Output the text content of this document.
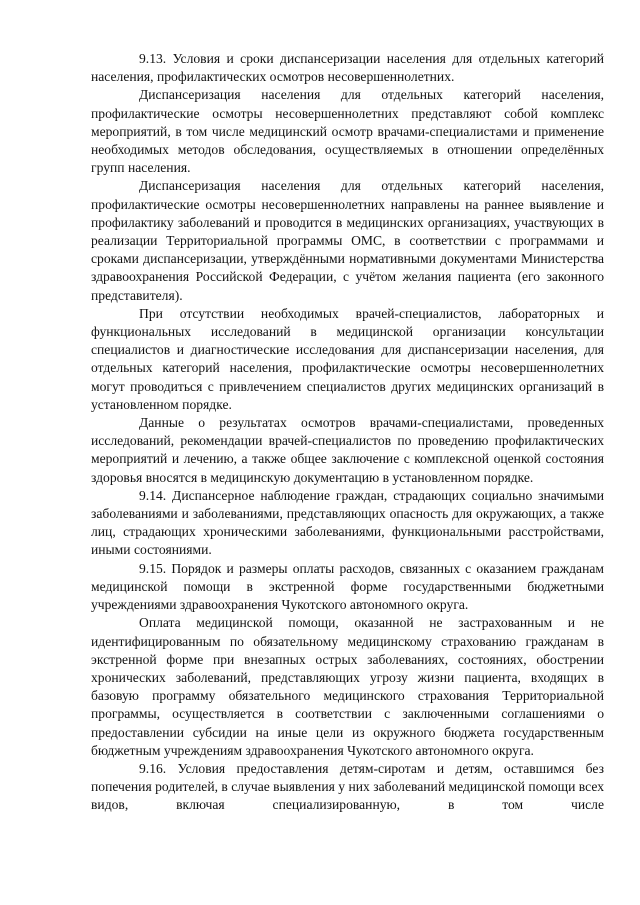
9.13. Условия и сроки диспансеризации населения для отдельных категорий населения, профилактических осмотров несовершеннолетних.

Диспансеризация населения для отдельных категорий населения, профилактические осмотры несовершеннолетних представляют собой комплекс мероприятий, в том числе медицинский осмотр врачами-специалистами и применение необходимых методов обследования, осуществляемых в отношении определённых групп населения.

Диспансеризация населения для отдельных категорий населения, профилактические осмотры несовершеннолетних направлены на раннее выявление и профилактику заболеваний и проводится в медицинских организациях, участвующих в реализации Территориальной программы ОМС, в соответствии с программами и сроками диспансеризации, утверждёнными нормативными документами Министерства здравоохранения Российской Федерации, с учётом желания пациента (его законного представителя).

При отсутствии необходимых врачей-специалистов, лабораторных и функциональных исследований в медицинской организации консультации специалистов и диагностические исследования для диспансеризации населения, для отдельных категорий населения, профилактические осмотры несовершеннолетних могут проводиться с привлечением специалистов других медицинских организаций в установленном порядке.

Данные о результатах осмотров врачами-специалистами, проведенных исследований, рекомендации врачей-специалистов по проведению профилактических мероприятий и лечению, а также общее заключение с комплексной оценкой состояния здоровья вносятся в медицинскую документацию в установленном порядке.

9.14. Диспансерное наблюдение граждан, страдающих социально значимыми заболеваниями и заболеваниями, представляющих опасность для окружающих, а также лиц, страдающих хроническими заболеваниями, функциональными расстройствами, иными состояниями.

9.15. Порядок и размеры оплаты расходов, связанных с оказанием гражданам медицинской помощи в экстренной форме государственными бюджетными учреждениями здравоохранения Чукотского автономного округа.

Оплата медицинской помощи, оказанной не застрахованным и не идентифицированным по обязательному медицинскому страхованию гражданам в экстренной форме при внезапных острых заболеваниях, состояниях, обострении хронических заболеваний, представляющих угрозу жизни пациента, входящих в базовую программу обязательного медицинского страхования Территориальной программы, осуществляется в соответствии с заключенными соглашениями о предоставлении субсидии на иные цели из окружного бюджета государственным бюджетным учреждениям здравоохранения Чукотского автономного округа.

9.16. Условия предоставления детям-сиротам и детям, оставшимся без попечения родителей, в случае выявления у них заболеваний медицинской помощи всех видов, включая специализированную, в том числе
